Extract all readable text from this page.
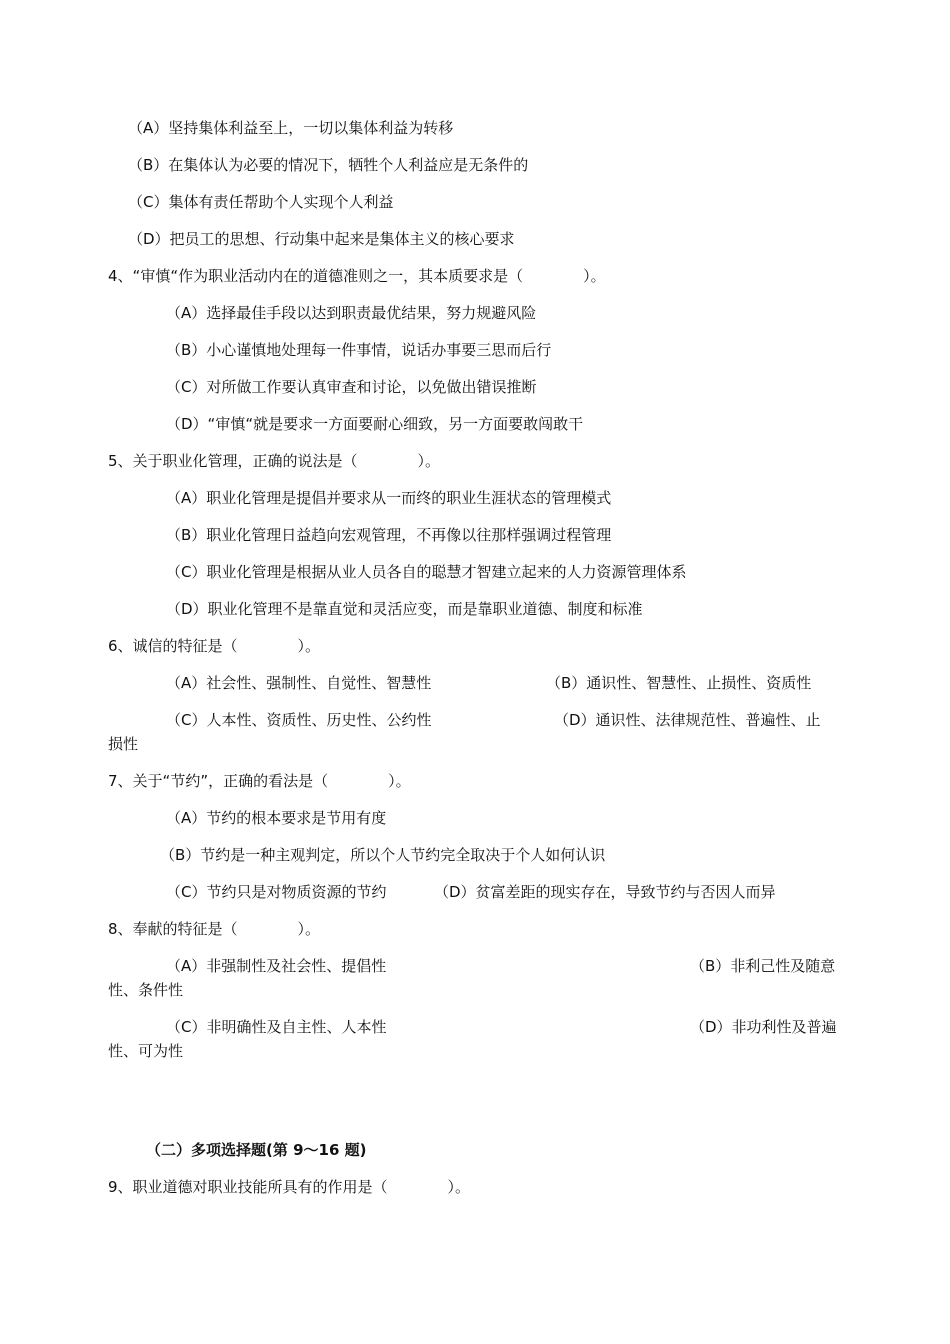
（A）坚持集体利益至上，一切以集体利益为转移
（B）在集体认为必要的情况下，牺牲个人利益应是无条件的
（C）集体有责任帮助个人实现个人利益
（D）把员工的思想、行动集中起来是集体主义的核心要求
4、“审慎“作为职业活动内在的道德准则之一，其本质要求是（　　　　）。
（A）选择最佳手段以达到职责最优结果，努力规避风险
（B）小心谨慎地处理每一件事情，说话办事要三思而后行
（C）对所做工作要认真审查和讨论，以免做出错误推断
（D）“审慎“就是要求一方面要耐心细致，另一方面要敢闯敢干
5、关于职业化管理，正确的说法是（　　　　）。
（A）职业化管理是提倡并要求从一而终的职业生涯状态的管理模式
（B）职业化管理日益趋向宏观管理，不再像以往那样强调过程管理
（C）职业化管理是根据从业人员各自的聪慧才智建立起来的人力资源管理体系
（D）职业化管理不是靠直觉和灵活应变，而是靠职业道德、制度和标准
6、诚信的特征是（　　　　）。
（A）社会性、强制性、自觉性、智慧性	（B）通识性、智慧性、止损性、资质性
（C）人本性、资质性、历史性、公约性	（D）通识性、法律规范性、普遍性、止
损性
7、关于“节约”，正确的看法是（　　　　）。
（A）节约的根本要求是节用有度
（B）节约是一种主观判定，所以个人节约完全取决于个人如何认识
（C）节约只是对物质资源的节约	（D）贫富差距的现实存在，导致节约与否因人而异
8、奉献的特征是（　　　　）。
（A）非强制性及社会性、提倡性	（B）非利己性及随意
性、条件性
（C）非明确性及自主性、人本性	（D）非功利性及普遍
性、可为性
（二）多项选择题(第 9～16 题)
9、职业道德对职业技能所具有的作用是（　　　　）。
